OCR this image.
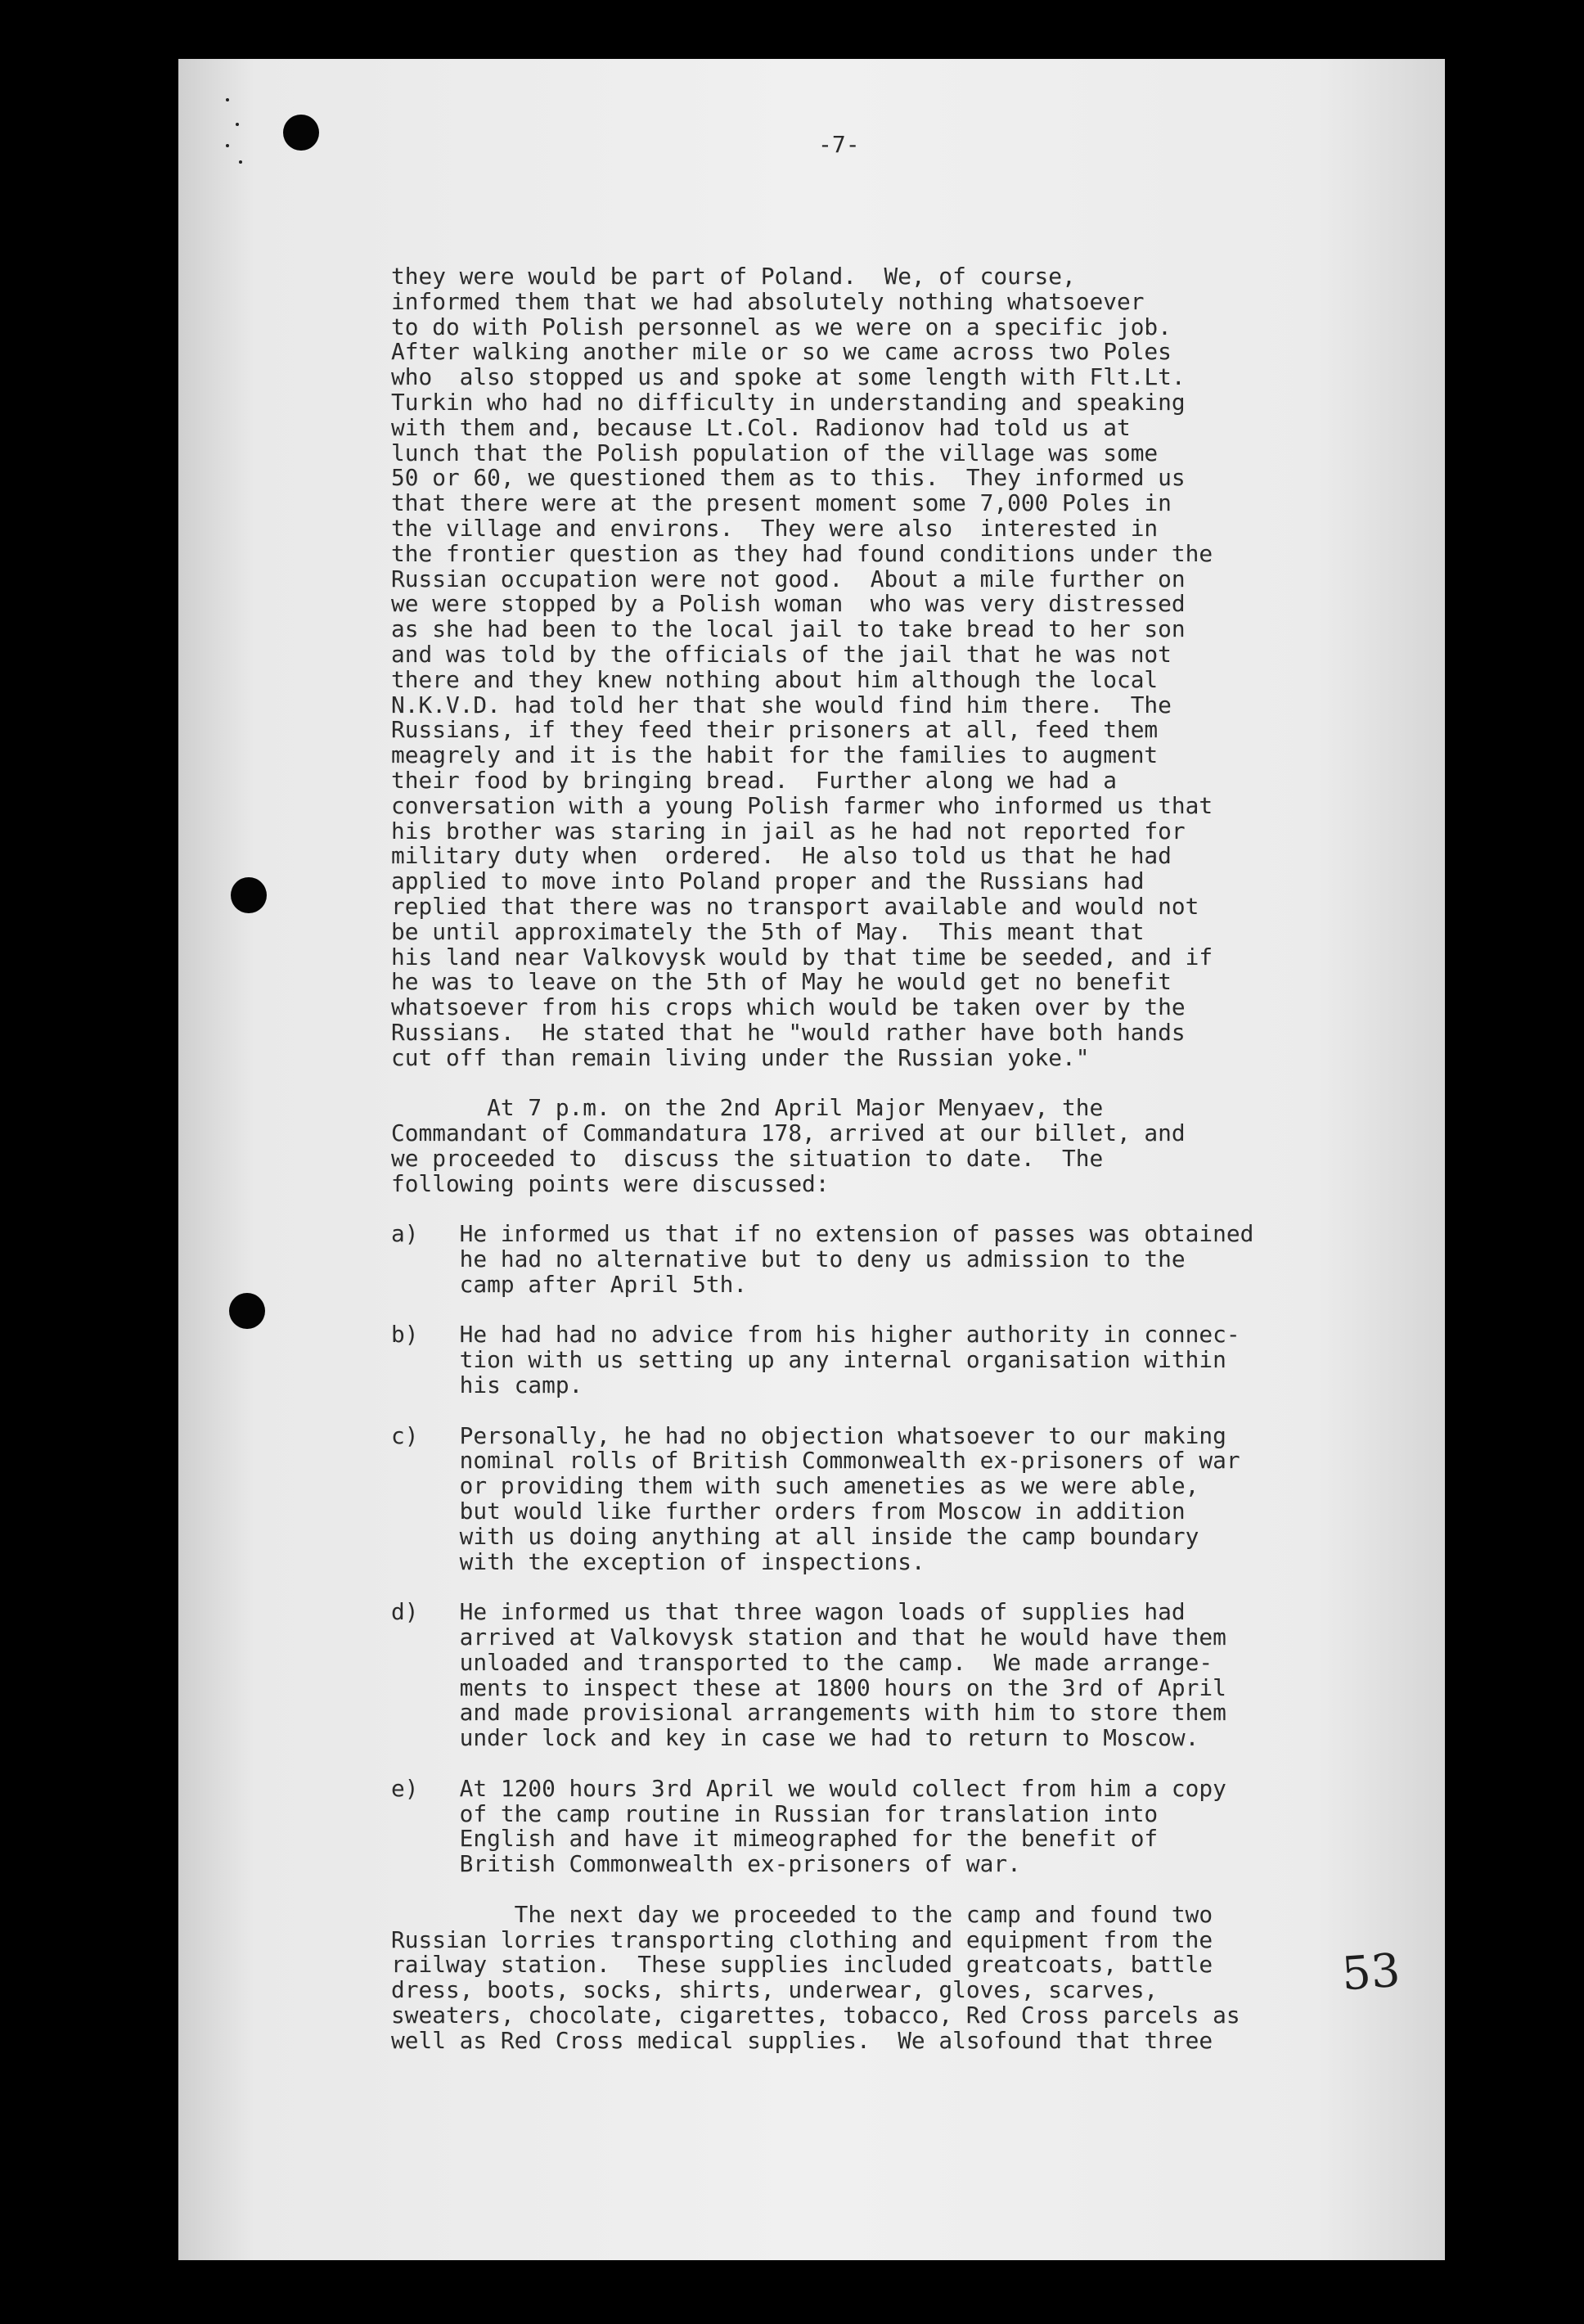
-7-
they were would be part of Poland.  We, of course,
informed them that we had absolutely nothing whatsoever
to do with Polish personnel as we were on a specific job.
After walking another mile or so we came across two Poles
who  also stopped us and spoke at some length with Flt.Lt.
Turkin who had no difficulty in understanding and speaking
with them and, because Lt.Col. Radionov had told us at
lunch that the Polish population of the village was some
50 or 60, we questioned them as to this.  They informed us
that there were at the present moment some 7,000 Poles in
the village and environs.  They were also  interested in
the frontier question as they had found conditions under the
Russian occupation were not good.  About a mile further on
we were stopped by a Polish woman  who was very distressed
as she had been to the local jail to take bread to her son
and was told by the officials of the jail that he was not
there and they knew nothing about him although the local
N.K.V.D. had told her that she would find him there.  The
Russians, if they feed their prisoners at all, feed them
meagrely and it is the habit for the families to augment
their food by bringing bread.  Further along we had a
conversation with a young Polish farmer who informed us that
his brother was staring in jail as he had not reported for
military duty when  ordered.  He also told us that he had
applied to move into Poland proper and the Russians had
replied that there was no transport available and would not
be until approximately the 5th of May.  This meant that
his land near Valkovysk would by that time be seeded, and if
he was to leave on the 5th of May he would get no benefit
whatsoever from his crops which would be taken over by the
Russians.  He stated that he "would rather have both hands
cut off than remain living under the Russian yoke."
At 7 p.m. on the 2nd April Major Menyaev, the
Commandant of Commandatura 178, arrived at our billet, and
we proceeded to  discuss the situation to date.  The
following points were discussed:
a)   He informed us that if no extension of passes was obtained
he had no alternative but to deny us admission to the
camp after April 5th.
b)   He had had no advice from his higher authority in connec-
tion with us setting up any internal organisation within
his camp.
c)   Personally, he had no objection whatsoever to our making
nominal rolls of British Commonwealth ex-prisoners of war
or providing them with such ameneties as we were able,
but would like further orders from Moscow in addition
with us doing anything at all inside the camp boundary
with the exception of inspections.
d)   He informed us that three wagon loads of supplies had
arrived at Valkovysk station and that he would have them
unloaded and transported to the camp.  We made arrange-
ments to inspect these at 1800 hours on the 3rd of April
and made provisional arrangements with him to store them
under lock and key in case we had to return to Moscow.
e)   At 1200 hours 3rd April we would collect from him a copy
of the camp routine in Russian for translation into
English and have it mimeographed for the benefit of
British Commonwealth ex-prisoners of war.
The next day we proceeded to the camp and found two
Russian lorries transporting clothing and equipment from the
railway station.  These supplies included greatcoats, battle
dress, boots, socks, shirts, underwear, gloves, scarves,
sweaters, chocolate, cigarettes, tobacco, Red Cross parcels as
well as Red Cross medical supplies.  We alsofound that three
53
